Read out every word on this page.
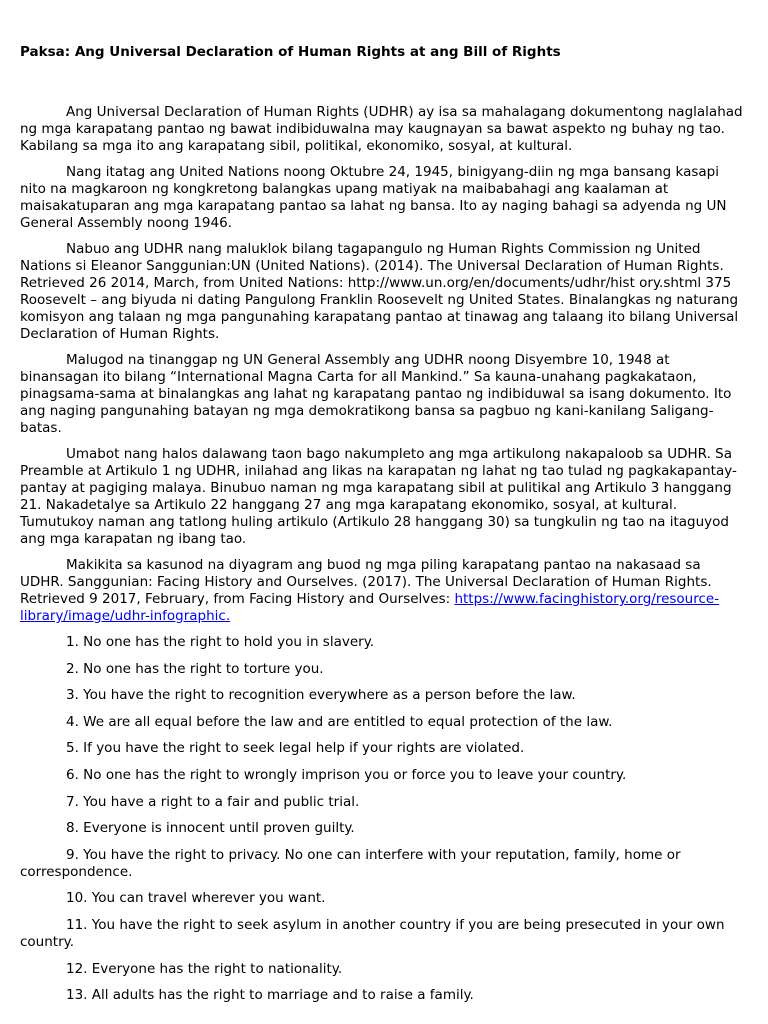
Paksa: Ang Universal Declaration of Human Rights at ang Bill of Rights

Ang Universal Declaration of Human Rights (UDHR) ay isa sa mahalagang dokumentong naglalahad ng mga karapatang pantao ng bawat indibiduwalna may kaugnayan sa bawat aspekto ng buhay ng tao. Kabilang sa mga ito ang karapatang sibil, politikal, ekonomiko, sosyal, at kultural.

Nang itatag ang United Nations noong Oktubre 24, 1945, binigyang-diin ng mga bansang kasapi nito na magkaroon ng kongkretong balangkas upang matiyak na maibabahagi ang kaalaman at maisakatuparan ang mga karapatang pantao sa lahat ng bansa. Ito ay naging bahagi sa adyenda ng UN General Assembly noong 1946.

Nabuo ang UDHR nang maluklok bilang tagapangulo ng Human Rights Commission ng United Nations si Eleanor Sanggunian:UN (United Nations). (2014). The Universal Declaration of Human Rights. Retrieved 26 2014, March, from United Nations: http://www.un.org/en/documents/udhr/hist ory.shtml 375 Roosevelt – ang biyuda ni dating Pangulong Franklin Roosevelt ng United States. Binalangkas ng naturang komisyon ang talaan ng mga pangunahing karapatang pantao at tinawag ang talaang ito bilang Universal Declaration of Human Rights.

Malugod na tinanggap ng UN General Assembly ang UDHR noong Disyembre 10, 1948 at binansagan ito bilang “International Magna Carta for all Mankind.” Sa kauna-unahang pagkakataon, pinagsama-sama at binalangkas ang lahat ng karapatang pantao ng indibiduwal sa isang dokumento. Ito ang naging pangunahing batayan ng mga demokratikong bansa sa pagbuo ng kani-kanilang Saligang-batas.

Umabot nang halos dalawang taon bago nakumpleto ang mga artikulong nakapaloob sa UDHR. Sa Preamble at Artikulo 1 ng UDHR, inilahad ang likas na karapatan ng lahat ng tao tulad ng pagkakapantay-pantay at pagiging malaya. Binubuo naman ng mga karapatang sibil at pulitikal ang Artikulo 3 hanggang 21. Nakadetalye sa Artikulo 22 hanggang 27 ang mga karapatang ekonomiko, sosyal, at kultural. Tumutukoy naman ang tatlong huling artikulo (Artikulo 28 hanggang 30) sa tungkulin ng tao na itaguyod ang mga karapatan ng ibang tao.

Makikita sa kasunod na diyagram ang buod ng mga piling karapatang pantao na nakasaad sa UDHR. Sanggunian: Facing History and Ourselves. (2017). The Universal Declaration of Human Rights. Retrieved 9 2017, February, from Facing History and Ourselves: https://www.facinghistory.org/resource-library/image/udhr-infographic.

1. No one has the right to hold you in slavery.
2. No one has the right to torture you.
3. You have the right to recognition everywhere as a person before the law.
4. We are all equal before the law and are entitled to equal protection of the law.
5. If you have the right to seek legal help if your rights are violated.
6. No one has the right to wrongly imprison you or force you to leave your country.
7. You have a right to a fair and public trial.
8. Everyone is innocent until proven guilty.
9. You have the right to privacy. No one can interfere with your reputation, family, home or correspondence.
10. You can travel wherever you want.
11. You have the right to seek asylum in another country if you are being presecuted in your own country.
12. Everyone has the right to nationality.
13. All adults has the right to marriage and to raise a family.
